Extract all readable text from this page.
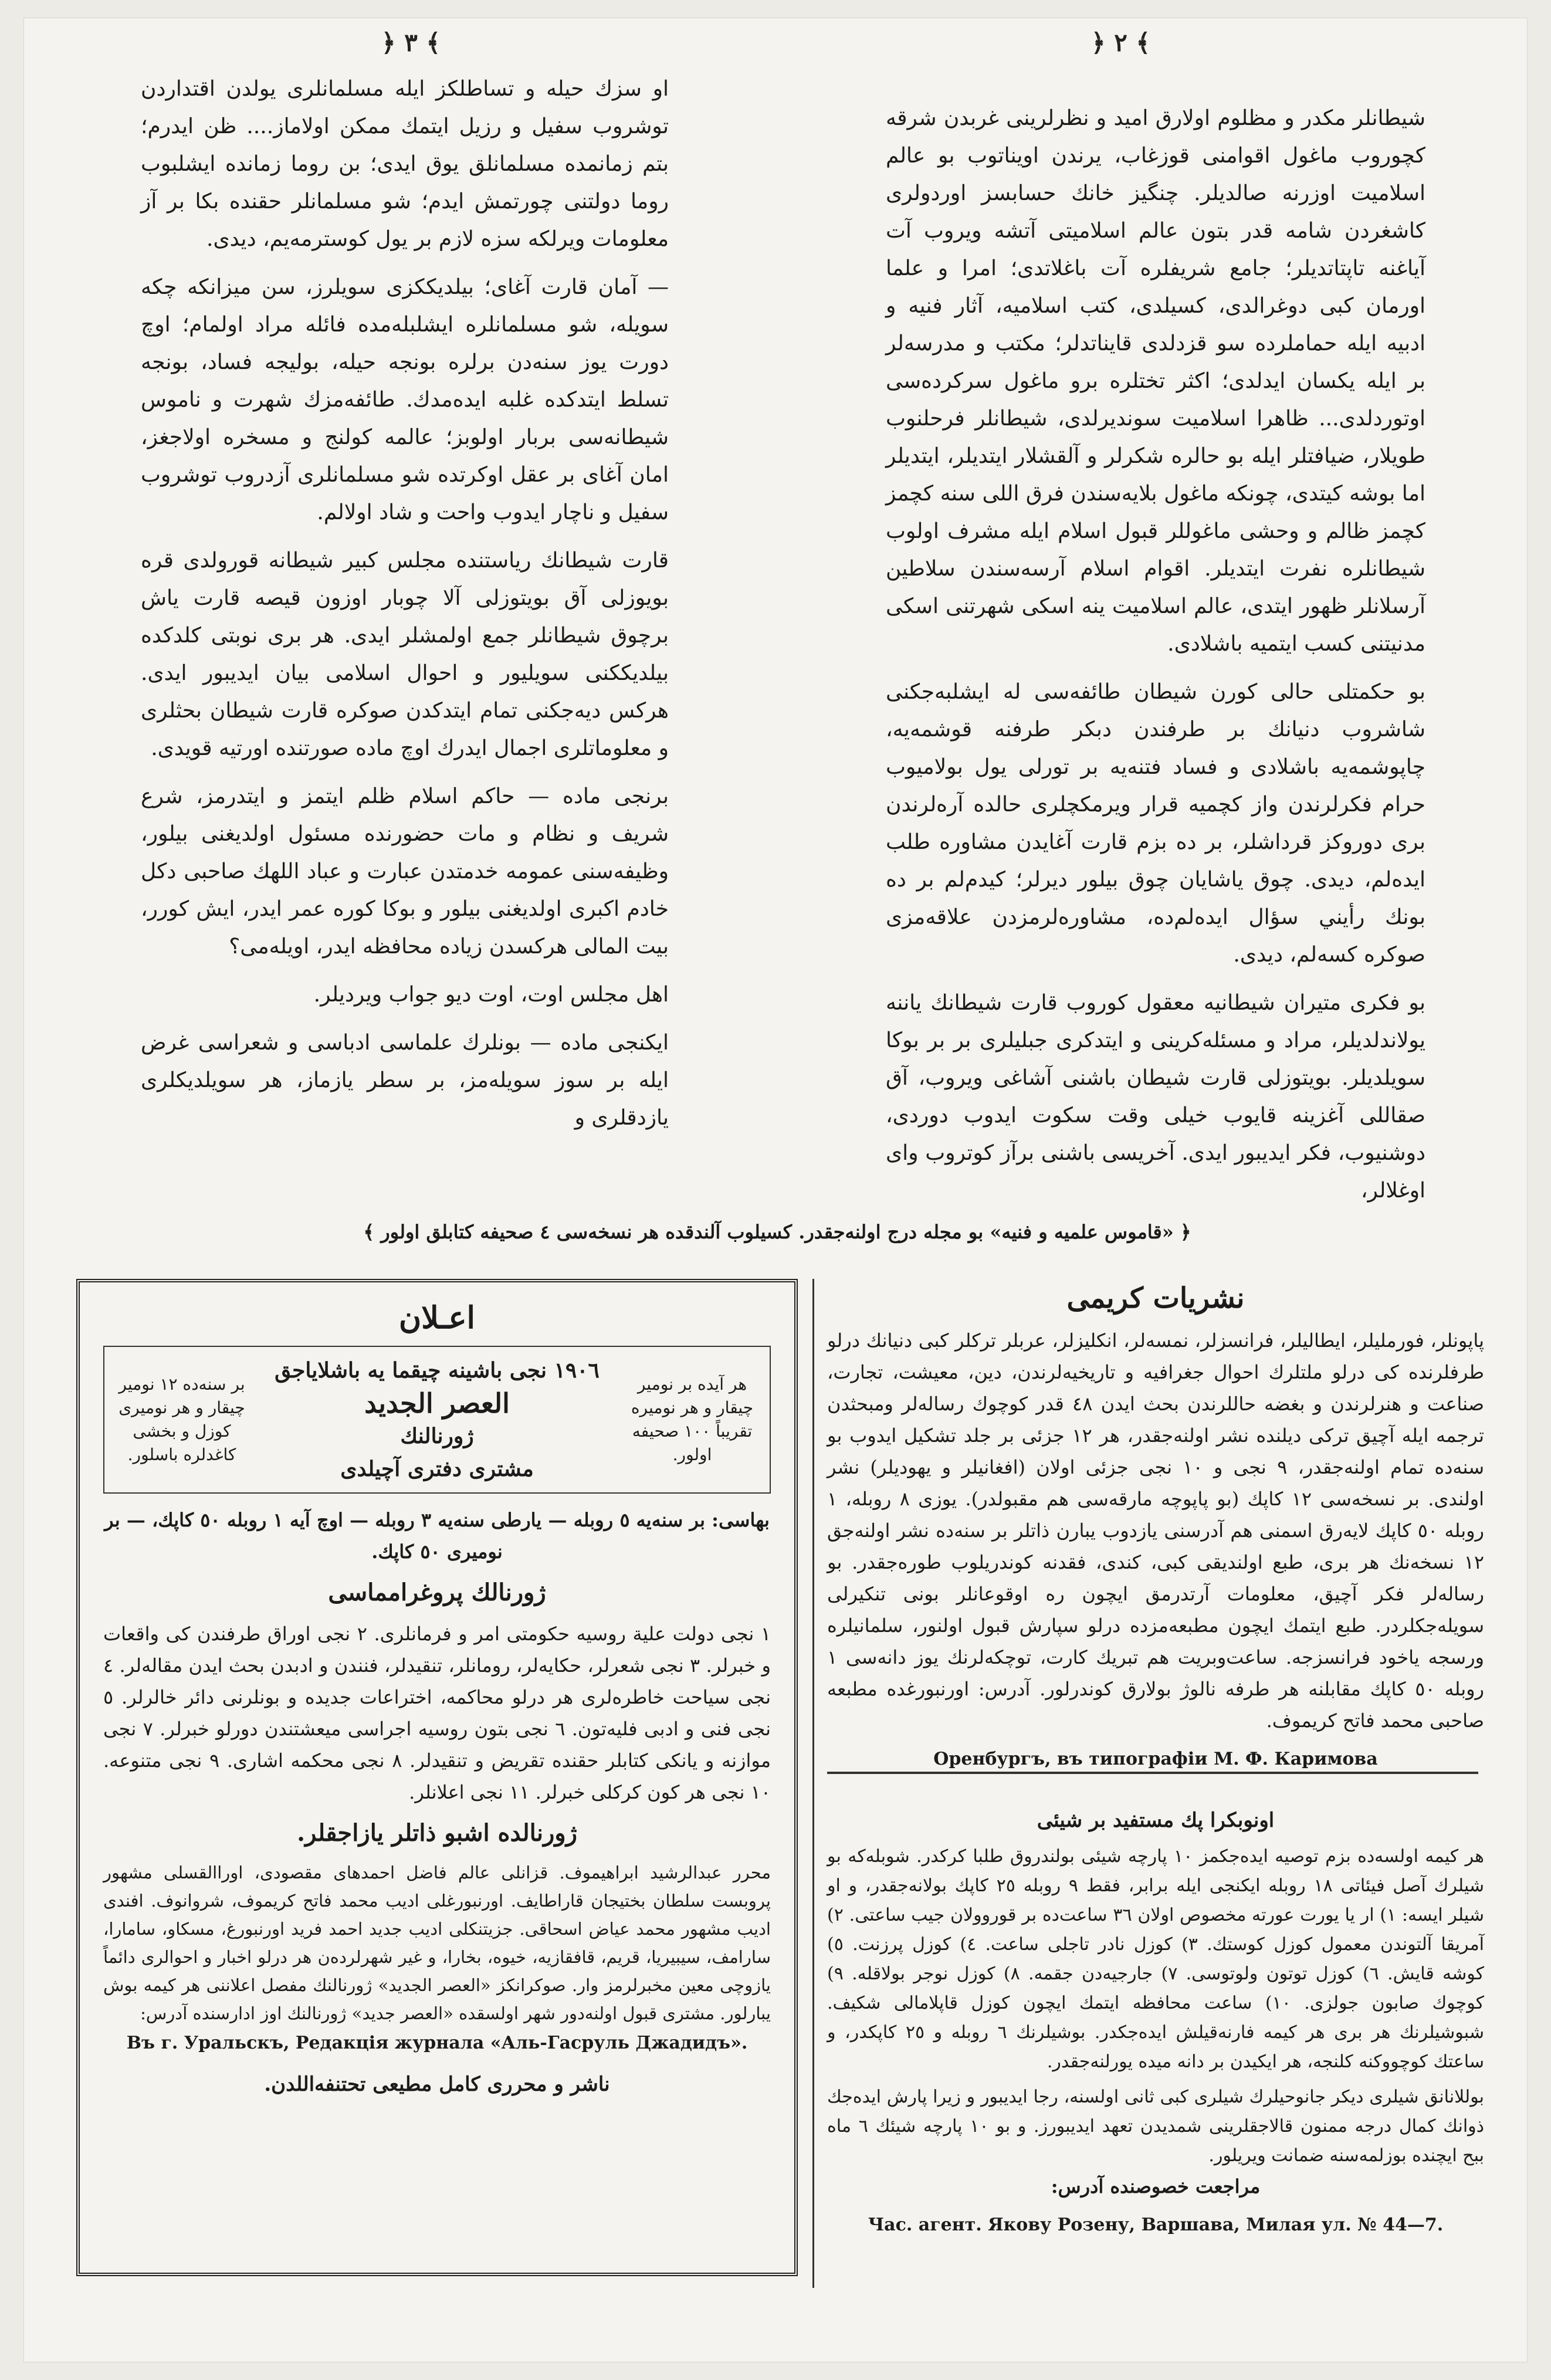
﴿ ٣ ﴾	﴿ ٢ ﴾

او سزك حيله و تساطلكز ايله مسلمانلرى يولدن اقتداردن توشروب سفيل و رزيل ايتمك ممكن اولاماز.... ظن ايدرم؛ بتم زمانمده مسلمانلق يوق ايدى؛ بن روما زمانده ايشلبوب روما دولتنى چورتمش ايدم؛ شو مسلمانلر حقنده بكا بر آز معلومات ويرلكه سزه لازم بر يول كوسترمه‌يم، ديدى.

— آمان قارت آغاى؛ بيلديككزى سويلرز، سن ميزانكه چكه سويله، شو مسلمانلره ايشلبله‌مده فائله مراد اولمام؛ اوچ دورت يوز سنه‌دن برلره بونجه حيله، بوليجه فساد، بونجه تسلط ايتدكده غلبه ايده‌مدك. طائفه‌مزك شهرت و ناموس شيطانه‌سى بربار اولوبز؛ عالمه كولنج و مسخره اولاجغز، امان آغاى بر عقل اوكرتده شو مسلمانلرى آزدروب توشروب سفيل و ناچار ايدوب واحت و شاد اولالم.

قارت شيطانك رياستنده مجلس كبير شيطانه قورولدى قره بويوزلى آق بويتوزلى آلا چوبار اوزون قيصه قارت ياش برچوق شيطانلر جمع اولمشلر ايدى. هر برى نوبتى كلدكده بيلديككنى سويليور و احوال اسلامى بيان ايديبور ايدى. هركس ديه‌جكنى تمام ايتدكدن صوكره قارت شيطان بحثلرى و معلوماتلرى اجمال ايدرك اوچ ماده صورتنده اورتيه قويدى.

برنجى ماده — حاكم اسلام ظلم ايتمز و ايتدرمز، شرع شريف و نظام و مات حضورنده مسئول اولديغنى بيلور، وظيفه‌سنى عمومه خدمتدن عبارت و عباد اللهك صاحبى دكل خادم اكبرى اولديغنى بيلور و بوكا كوره عمر ايدر، ايش كورر، بيت المالى هركسدن زياده محافظه ايدر، اويله‌مى؟

اهل مجلس اوت، اوت ديو جواب ويرديلر.

ايكنجى ماده — بونلرك علماسى ادباسى و شعراسى غرض ايله بر سوز سويله‌مز، بر سطر يازماز، هر سويلديكلرى يازدقلرى و

شيطانلر مكدر و مظلوم اولارق اميد و نظرلرينى غربدن شرقه كچوروب ماغول اقوامنى قوزغاب، يرندن اويناتوب بو عالم اسلاميت اوزرنه صالديلر. چنگيز خانك حسابسز اوردولرى كاشغردن شامه قدر بتون عالم اسلاميتى آتشه ويروب آت آياغنه تاپتاتديلر؛ جامع شريفلره آت باغلاتدى؛ امرا و علما اورمان كبى دوغرالدى، كسيلدى، كتب اسلاميه، آثار فنيه و ادبيه ايله حماملرده سو قزدلدى قايناتدلر؛ مكتب و مدرسه‌لر بر ايله يكسان ايدلدى؛ اكثر تختلره برو ماغول سركرده‌سى اوتوردلدى... ظاهرا اسلاميت سونديرلدى، شيطانلر فرحلنوب طويلار، ضيافتلر ايله بو حالره شكرلر و آلقشلار ايتديلر، ايتديلر اما بوشه كيتدى، چونكه ماغول بلايه‌سندن فرق اللى سنه كچمز كچمز ظالم و وحشى ماغوللر قبول اسلام ايله مشرف اولوب شيطانلره نفرت ايتديلر. اقوام اسلام آرسه‌سندن سلاطين آرسلانلر ظهور ايتدى، عالم اسلاميت ينه اسكى شهرتنى اسكى مدنيتنى كسب ايتميه باشلادى.

بو حكمتلى حالى كورن شيطان طائفه‌سى له ايشلبه‌جكنى شاشروب دنيانك بر طرفندن دبكر طرفنه قوشمه‌يه، چاپوشمه‌يه باشلادى و فساد فتنه‌يه بر تورلى يول بولاميوب حرام فكرلرندن واز كچميه قرار ويرمكچلرى حالده آره‌لرندن برى دوروكز قرداشلر، بر ده بزم قارت آغايدن مشاوره طلب ايده‌لم، ديدى. چوق ياشايان چوق بيلور ديرلر؛ كيدم‌لم بر ده بونك رأيني سؤال ايده‌لم‌ده، مشاوره‌لرمزدن علاقه‌مزى صوكره كسه‌لم، ديدى.

بو فكرى متيران شيطانيه معقول كوروب قارت شيطانك ياننه يولاندلديلر، مراد و مسئله‌كرينى و ايتدكرى جبليلرى بر بر بوكا سويلديلر. بويتوزلى قارت شيطان باشنى آشاغى ويروب، آق صقاللى آغزينه قايوب خيلى وقت سكوت ايدوب دوردى، دوشنيوب، فكر ايديبور ايدى. آخريسى باشنى برآز كوتروب واى اوغلالر،

﴿ «قاموس علميه و فنيه» بو مجله درج اولنه‌جقدر. كسيلوب آلندقده هر نسخه‌سى ٤ صحيفه كتابلق اولور ﴾
اعـلان
هر آيده بر نومير چيقار و هر نوميره تقريباً ١٠٠ صحيفه اولور.
١٩٠٦ نجى باشينه چيقما يه باشلاياجق
العصر الجديد
ژورنالنك
مشترى دفترى آچيلدى
بر سنه‌ده ١٢ نومير چيقار و هر نوميرى كوزل و بخشى كاغدلره باسلور.
بهاسى: بر سنه‌يه ٥ روبله — يارطى سنه‌يه ٣ روبله — اوچ آيه ١ روبله ٥٠ كاپك، — بر نوميرى ٥٠ كاپك.
ژورنالك پروغرامماسى
١ نجى دولت علية روسيه حكومتى امر و فرمانلرى. ٢ نجى اوراق طرفندن كى واقعات و خبرلر. ٣ نجى شعرلر، حكايه‌لر، رومانلر، تنقيدلر، فنندن و ادبدن بحث ايدن مقاله‌لر. ٤ نجى سياحت خاطره‌لرى هر درلو محاكمه، اختراعات جديده و بونلرنى دائر خالرلر. ٥ نجى فنى و ادبى فليه‌تون. ٦ نجى بتون روسيه اجراسى ميعشتندن دورلو خبرلر. ٧ نجى موازنه و يانكى كتابلر حقنده تقريض و تنقيدلر. ٨ نجى محكمه اشارى. ٩ نجى متنوعه. ١٠ نجى هر كون كركلى خبرلر. ١١ نجى اعلانلر.
ژورنالده اشبو ذاتلر يازاجقلر.
محرر عبدالرشيد ابراهيموف. قزانلى عالم فاضل احمدهاى مقصودى، اوراالقسلى مشهور پروبست سلطان بختيجان قاراطايف. اورنبورغلى اديب محمد فاتح كريموف، شروانوف. افندى اديب مشهور محمد عياض اسحاقى. جزيتنكلى اديب جديد احمد فريد اورنبورغ، مسكاو، سامارا، سارامف، سيبيريا، قريم، قافقازيه، خيوه، بخارا، و غير شهرلرده‌ن هر درلو اخبار و احوالرى دائماً يازوچى معين مخبرلرمز وار. صوكرانكز «العصر الجديد» ژورنالنك مفصل اعلاننى هر كيمه بوش يبارلور. مشترى قبول اولنه‌دور شهر اولسقده «العصر جديد» ژورنالنك اوز ادارسنده آدرس:
Въ г. Уральскъ, Редакція журнала «Аль-Гасруль Джадидъ».
ناشر و محررى كامل مطيعى تحتنفه‌اللدن.
نشريات كريمى
پاپونلر، فورمليلر، ايطاليلر، فرانسزلر، نمسه‌لر، انكليزلر، عربلر تركلر كبى دنيانك درلو طرفلرنده كى درلو ملتلرك احوال جغرافيه و تاريخيه‌لرندن، دين، معيشت، تجارت، صناعت و هنرلرندن و بغضه حاللرندن بحث ايدن ٤٨ قدر كوچوك رساله‌لر ومبحثدن ترجمه ايله آچيق تركى ديلنده نشر اولنه‌جقدر، هر ١٢ جزئى بر جلد تشكيل ايدوب بو سنه‌ده تمام اولنه‌جقدر، ٩ نجى و ١٠ نجى جزئى اولان (افغانيلر و يهوديلر) نشر اولندى. بر نسخه‌سى ١٢ كاپك (بو پاپوچه مارقه‌سى هم مقبولدر). يوزى ٨ روبله، ١ روبله ٥٠ كاپك لايه‌رق اسمنى هم آدرسنى يازدوب يبارن ذاتلر بر سنه‌ده نشر اولنه‌جق ١٢ نسخه‌نك هر برى، طبع اولنديقى كبى، كندى، فقدنه كوندريلوب طوره‌جقدر. بو رساله‌لر فكر آچيق، معلومات آرتدرمق ايچون ره اوقوعانلر بونى تنكيرلى سويله‌جكلردر. طبع ايتمك ايچون مطبعه‌مزده درلو سپارش قبول اولنور، سلمانيلره ورسجه ياخود فرانسزجه. ساعت‌و‌بريت هم تبريك كارت، توچكه‌لرنك يوز دانه‌سى ١ روبله ٥٠ كاپك مقابلنه هر طرفه نالوژ بولارق كوندرلور. آدرس: اورنبورغده مطبعه صاحبى محمد فاتح كريموف.
Оренбургъ, въ типографіи М. Ф. Каримова
اونوبكرا پك مستفيد بر شيئى
هر كيمه اولسه‌ده بزم توصيه ايده‌جكمز ١٠ پارچه شيئى بولندروق طلبا كركدر. شوبله‌كه بو شيلرك آصل فيئاتى ١٨ روبله ايكنجى ايله برابر، فقط ٩ روبله ٢٥ كاپك بولانه‌جقدر، و او شيلر ايسه: ١) ار يا يورت عورته مخصوص اولان ٣٦ ساعت‌ده بر قوروولان جيب ساعتى. ٢) آمريقا آلتوندن معمول كوزل كوستك. ٣) كوزل نادر تاجلى ساعت. ٤) كوزل پرزنت. ٥) كوشه قايش. ٦) كوزل توتون ولوتوسى. ٧) جارجيه‌دن جقمه. ٨) كوزل نوجر بولاقله. ٩) كوچوك صابون جولزى. ١٠) ساعت محافظه ايتمك ايچون كوزل قاپلامالى شكيف. شبوشيلرنك هر برى هر كيمه فارنه‌قيلش ايده‌جكدر. بوشيلرنك ٦ روبله و ٢٥ كاپكدر، و ساعتك كوچو‌وكنه كلنجه، هر ايكيدن بر دانه ميده يورلنه‌جقدر.
بوللانانق شيلرى ديكر جانوحيلر‌ك شيلرى كبى ثانى اولسنه، رجا ايديبور و زيرا پارش ايده‌جك ذوانك كمال درجه ممنون قالاجقلرينى شمديدن تعهد ايديبورز. و بو ١٠ پارچه شيئك ٦ ماه ببح ايچنده بوزلمه‌سنه ضمانت ويريلور.
مراجعت خصوصنده آدرس:
Час. агент. Якову Розену, Варшава, Милая ул. № 44—7.
